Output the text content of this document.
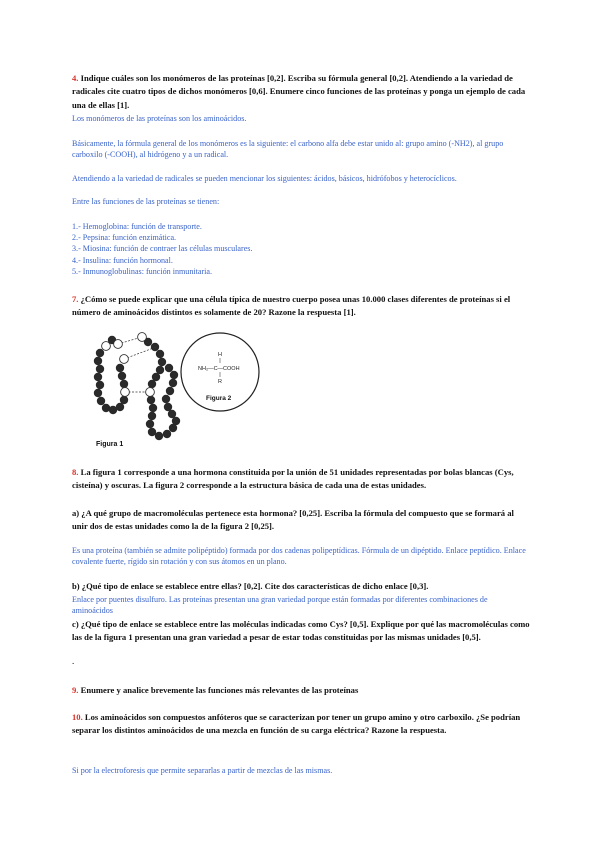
4. Indique cuáles son los monómeros de las proteínas [0,2]. Escriba su fórmula general [0,2]. Atendiendo a la variedad de radicales cite cuatro tipos de dichos monómeros [0,6]. Enumere cinco funciones de las proteínas y ponga un ejemplo de cada una de ellas [1].

Los monómeros de las proteínas son los aminoácidos.

Básicamente, la fórmula general de los monómeros es la siguiente: el carbono alfa debe estar unido al: grupo amino (-NH2), al grupo carboxilo (-COOH), al hidrógeno y a un radical.

Atendiendo a la variedad de radicales se pueden mencionar los siguientes: ácidos, básicos, hidrófobos y heterocíclicos.

Entre las funciones de las proteínas se tienen:

1.- Hemoglobina: función de transporte.
2.- Pepsina: función enzimática.
3.- Miosina: función de contraer las células musculares.
4.- Insulina: función hormonal.
5.- Inmunoglobulinas: función inmunitaria.

7. ¿Cómo se puede explicar que una célula típica de nuestro cuerpo posea unas 10.000 clases diferentes de proteínas si el número de aminoácidos distintos es solamente de 20? Razone la respuesta [1].

Figura 1
H
NH₂—C—COOH
R
Figura 2

8. La figura 1 corresponde a una hormona constituida por la unión de 51 unidades representadas por bolas blancas (Cys, cisteína) y oscuras. La figura 2 corresponde a la estructura básica de cada una de estas unidades.

a) ¿A qué grupo de macromoléculas pertenece esta hormona? [0,25]. Escriba la fórmula del compuesto que se formará al unir dos de estas unidades como la de la figura 2 [0,25].

Es una proteína (también se admite polipéptido) formada por dos cadenas polipeptídicas. Fórmula de un dipéptido. Enlace peptídico. Enlace covalente fuerte, rígido sin rotación y con sus átomos en un plano.

b) ¿Qué tipo de enlace se establece entre ellas? [0,2]. Cite dos características de dicho enlace [0,3].

Enlace por puentes disulfuro. Las proteínas presentan una gran variedad porque están formadas por diferentes combinaciones de aminoácidos

c) ¿Qué tipo de enlace se establece entre las moléculas indicadas como Cys? [0,5]. Explique por qué las macromoléculas como las de la figura 1 presentan una gran variedad a pesar de estar todas constituidas por las mismas unidades [0,5].

.

9. Enumere y analice brevemente las funciones más relevantes de las proteínas

10. Los aminoácidos son compuestos anfóteros que se caracterizan por tener un grupo amino y otro carboxilo. ¿Se podrían separar los distintos aminoácidos de una mezcla en función de su carga eléctrica? Razone la respuesta.

Si por la electroforesis que permite separarlas a partir de mezclas de las mismas.
